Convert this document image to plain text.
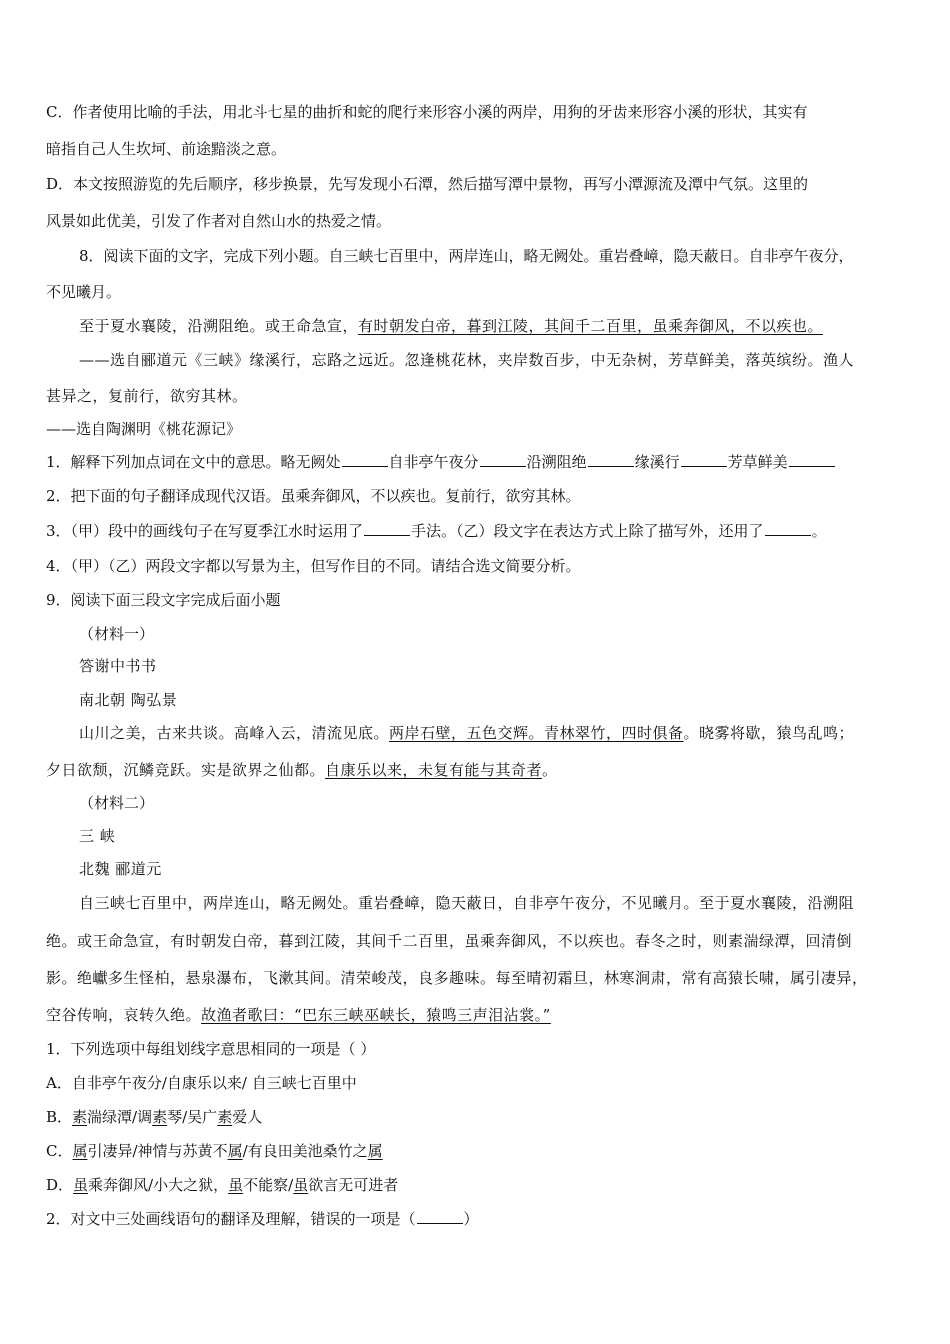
C．作者使用比喻的手法，用北斗七星的曲折和蛇的爬行来形容小溪的两岸，用狗的牙齿来形容小溪的形状，其实有
暗指自己人生坎坷、前途黯淡之意。
D．本文按照游览的先后顺序，移步换景，先写发现小石潭，然后描写潭中景物，再写小潭源流及潭中气氛。这里的
风景如此优美，引发了作者对自然山水的热爱之情。
8．阅读下面的文字，完成下列小题。自三峡七百里中，两岸连山，略无阙处。重岩叠嶂，隐天蔽日。自非亭午夜分，
不见曦月。
至于夏水襄陵，沿溯阻绝。或王命急宣，有时朝发白帝，暮到江陵，其间千二百里，虽乘奔御风，不以疾也。
——选自郦道元《三峡》缘溪行，忘路之远近。忽逢桃花林，夹岸数百步，中无杂树，芳草鲜美，落英缤纷。渔人
甚异之，复前行，欲穷其林。
——选自陶渊明《桃花源记》
1．解释下列加点词在文中的意思。略无阙处	自非亭午夜分	沿溯阻绝	缘溪行	芳草鲜美
2．把下面的句子翻译成现代汉语。虽乘奔御风，不以疾也。复前行，欲穷其林。
3．（甲）段中的画线句子在写夏季江水时运用了	手法。（乙）段文字在表达方式上除了描写外，还用了	。
4．（甲）（乙）两段文字都以写景为主，但写作目的不同。请结合选文简要分析。
9．阅读下面三段文字完成后面小题
（材料一）
答谢中书书
南北朝 陶弘景
山川之美，古来共谈。高峰入云，清流见底。两岸石壁，五色交辉。青林翠竹，四时俱备。晓雾将歇，猿鸟乱鸣；
夕日欲颓，沉鳞竞跃。实是欲界之仙都。自康乐以来，未复有能与其奇者。
（材料二）
三 峡
北魏 郦道元
自三峡七百里中，两岸连山，略无阙处。重岩叠嶂，隐天蔽日，自非亭午夜分，不见曦月。至于夏水襄陵，沿溯阻
绝。或王命急宣，有时朝发白帝，暮到江陵，其间千二百里，虽乘奔御风，不以疾也。春冬之时，则素湍绿潭，回清倒
影。绝巘多生怪柏，悬泉瀑布，飞漱其间。清荣峻茂，良多趣味。每至晴初霜旦，林寒涧肃，常有高猿长啸，属引凄异，
空谷传响，哀转久绝。故渔者歌曰：“巴东三峡巫峡长，猿鸣三声泪沾裳。”
1．下列选项中每组划线字意思相同的一项是（ ）
A．自非亭午夜分/自康乐以来/ 自三峡七百里中
B．素湍绿潭/调素琴/吴广素爱人
C．属引凄异/神情与苏黄不属/有良田美池桑竹之属
D．虽乘奔御风/小大之狱，虽不能察/虽欲言无可进者
2．对文中三处画线语句的翻译及理解，错误的一项是（	）
